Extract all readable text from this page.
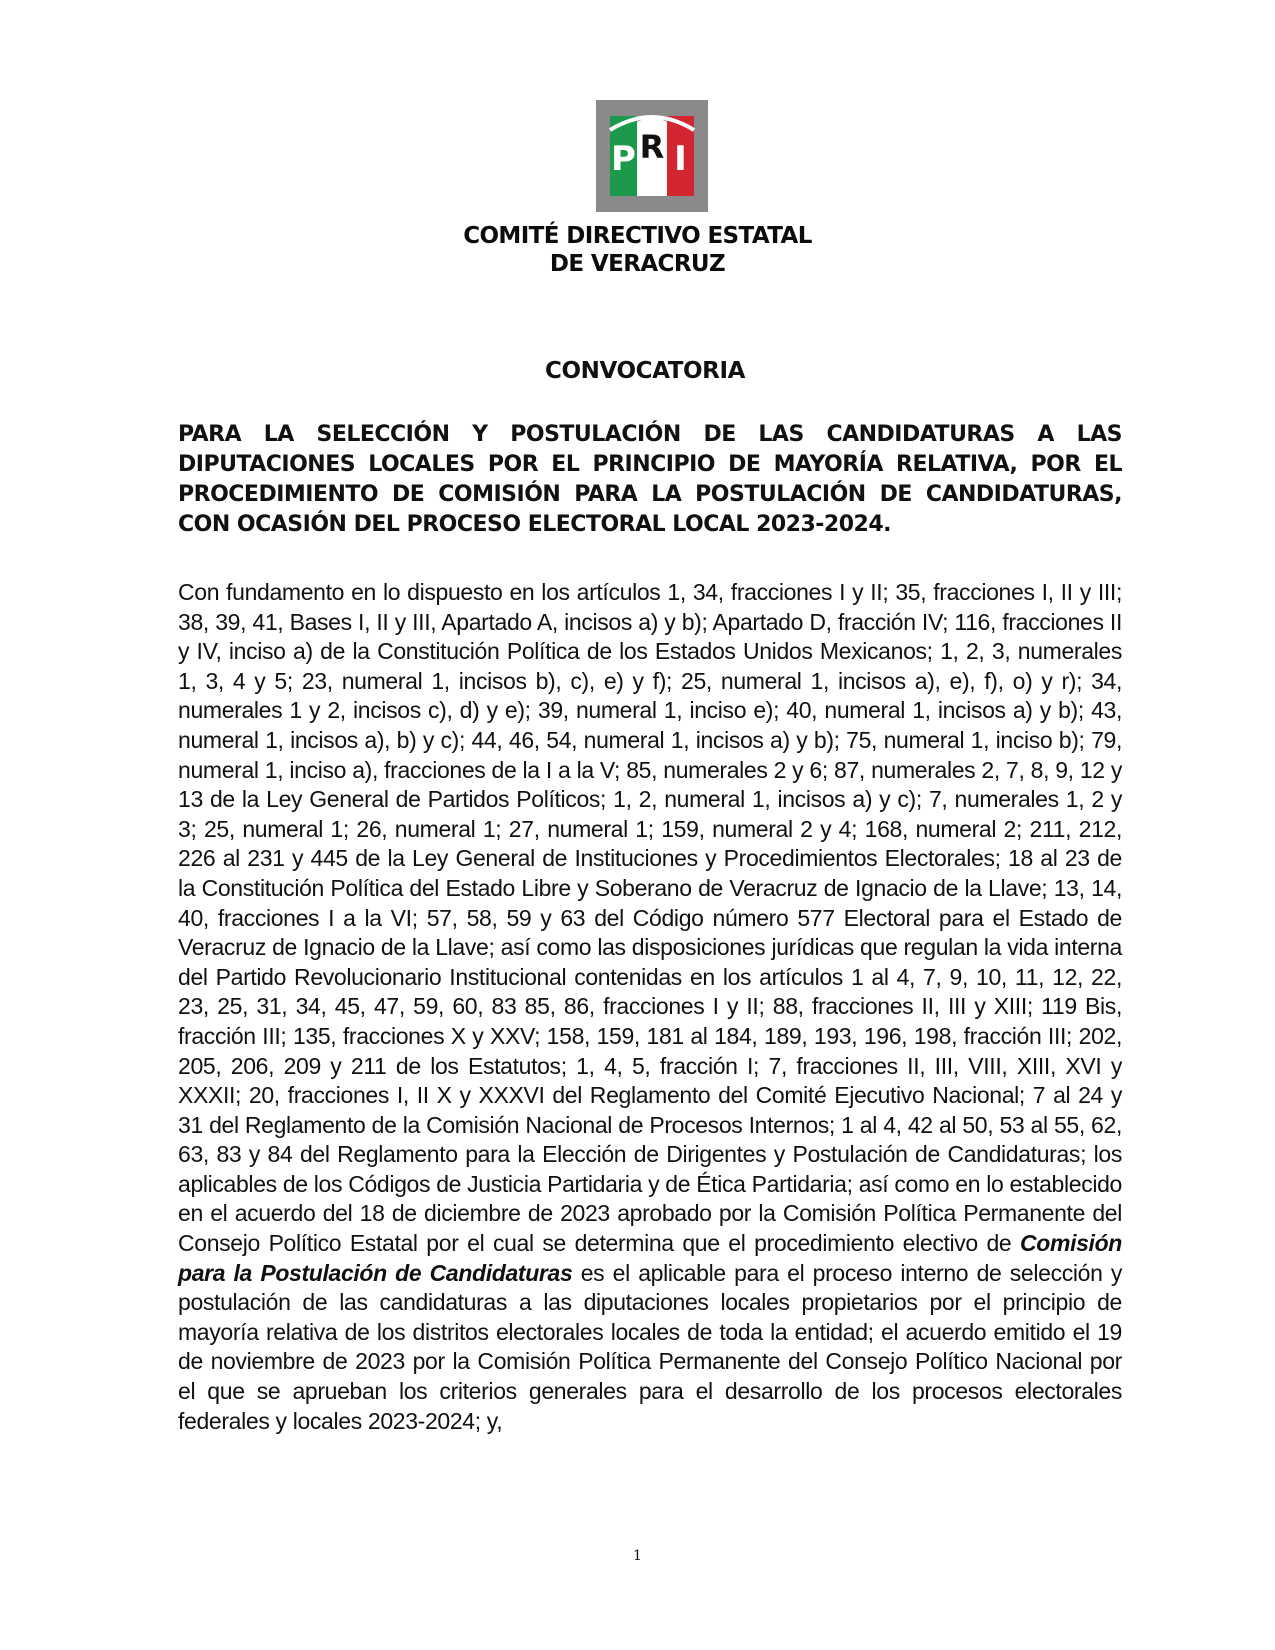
P R I
COMITÉ DIRECTIVO ESTATAL
DE VERACRUZ
CONVOCATORIA

PARA LA SELECCIÓN Y POSTULACIÓN DE LAS CANDIDATURAS A LAS DIPUTACIONES LOCALES POR EL PRINCIPIO DE MAYORÍA RELATIVA, POR EL PROCEDIMIENTO DE COMISIÓN PARA LA POSTULACIÓN DE CANDIDATURAS, CON OCASIÓN DEL PROCESO ELECTORAL LOCAL 2023-2024.

Con fundamento en lo dispuesto en los artículos 1, 34, fracciones I y II; 35, fracciones I, II y III; 38, 39, 41, Bases I, II y III, Apartado A, incisos a) y b); Apartado D, fracción IV; 116, fracciones II y IV, inciso a) de la Constitución Política de los Estados Unidos Mexicanos; 1, 2, 3, numerales 1, 3, 4 y 5; 23, numeral 1, incisos b), c), e) y f); 25, numeral 1, incisos a), e), f), o) y r); 34, numerales 1 y 2, incisos c), d) y e); 39, numeral 1, inciso e); 40, numeral 1, incisos a) y b); 43, numeral 1, incisos a), b) y c); 44, 46, 54, numeral 1, incisos a) y b); 75, numeral 1, inciso b); 79, numeral 1, inciso a), fracciones de la I a la V; 85, numerales 2 y 6; 87, numerales 2, 7, 8, 9, 12 y 13 de la Ley General de Partidos Políticos; 1, 2, numeral 1, incisos a) y c); 7, numerales 1, 2 y 3; 25, numeral 1; 26, numeral 1; 27, numeral 1; 159, numeral 2 y 4; 168, numeral 2; 211, 212, 226 al 231 y 445 de la Ley General de Instituciones y Procedimientos Electorales; 18 al 23 de la Constitución Política del Estado Libre y Soberano de Veracruz de Ignacio de la Llave; 13, 14, 40, fracciones I a la VI; 57, 58, 59 y 63 del Código número 577 Electoral para el Estado de Veracruz de Ignacio de la Llave; así como las disposiciones jurídicas que regulan la vida interna del Partido Revolucionario Institucional contenidas en los artículos 1 al 4, 7, 9, 10, 11, 12, 22, 23, 25, 31, 34, 45, 47, 59, 60, 83 85, 86, fracciones I y II; 88, fracciones II, III y XIII; 119 Bis, fracción III; 135, fracciones X y XXV; 158, 159, 181 al 184, 189, 193, 196, 198, fracción III; 202, 205, 206, 209 y 211 de los Estatutos; 1, 4, 5, fracción I; 7, fracciones II, III, VIII, XIII, XVI y XXXII; 20, fracciones I, II X y XXXVI del Reglamento del Comité Ejecutivo Nacional; 7 al 24 y 31 del Reglamento de la Comisión Nacional de Procesos Internos; 1 al 4, 42 al 50, 53 al 55, 62, 63, 83 y 84 del Reglamento para la Elección de Dirigentes y Postulación de Candidaturas; los aplicables de los Códigos de Justicia Partidaria y de Ética Partidaria; así como en lo establecido en el acuerdo del 18 de diciembre de 2023 aprobado por la Comisión Política Permanente del Consejo Político Estatal por el cual se determina que el procedimiento electivo de Comisión para la Postulación de Candidaturas es el aplicable para el proceso interno de selección y postulación de las candidaturas a las diputaciones locales propietarios por el principio de mayoría relativa de los distritos electorales locales de toda la entidad; el acuerdo emitido el 19 de noviembre de 2023 por la Comisión Política Permanente del Consejo Político Nacional por el que se aprueban los criterios generales para el desarrollo de los procesos electorales federales y locales 2023-2024; y,

1
